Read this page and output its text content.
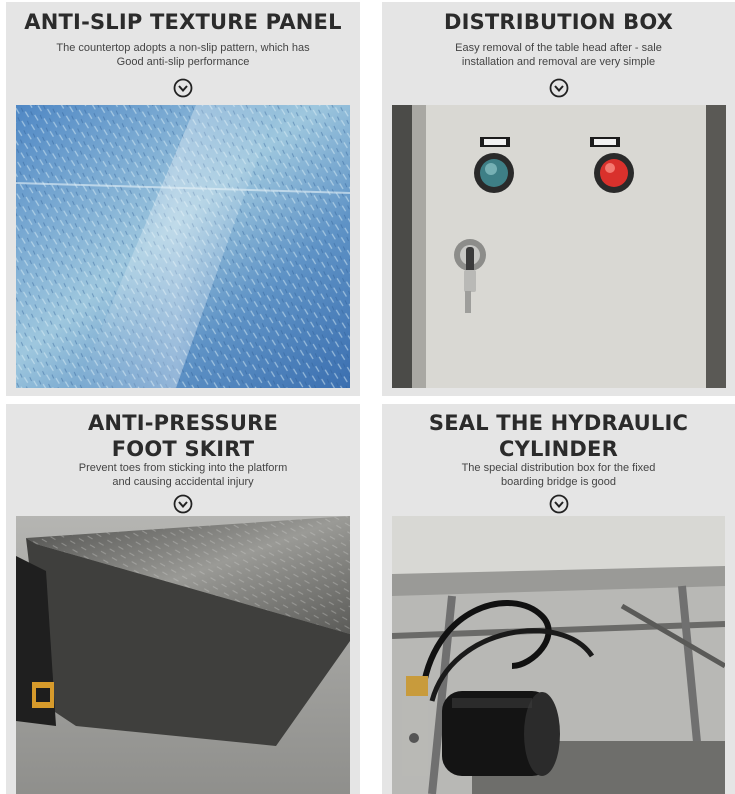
ANTI-SLIP TEXTURE PANEL

The countertop adopts a non-slip pattern, which has
Good anti-slip performance

DISTRIBUTION BOX

Easy removal of the table head after - sale
installation and removal are very simple

ANTI-PRESSURE
FOOT SKIRT

Prevent toes from sticking into the platform
and causing accidental injury

SEAL THE HYDRAULIC
CYLINDER

The special distribution box for the fixed
boarding bridge is good
